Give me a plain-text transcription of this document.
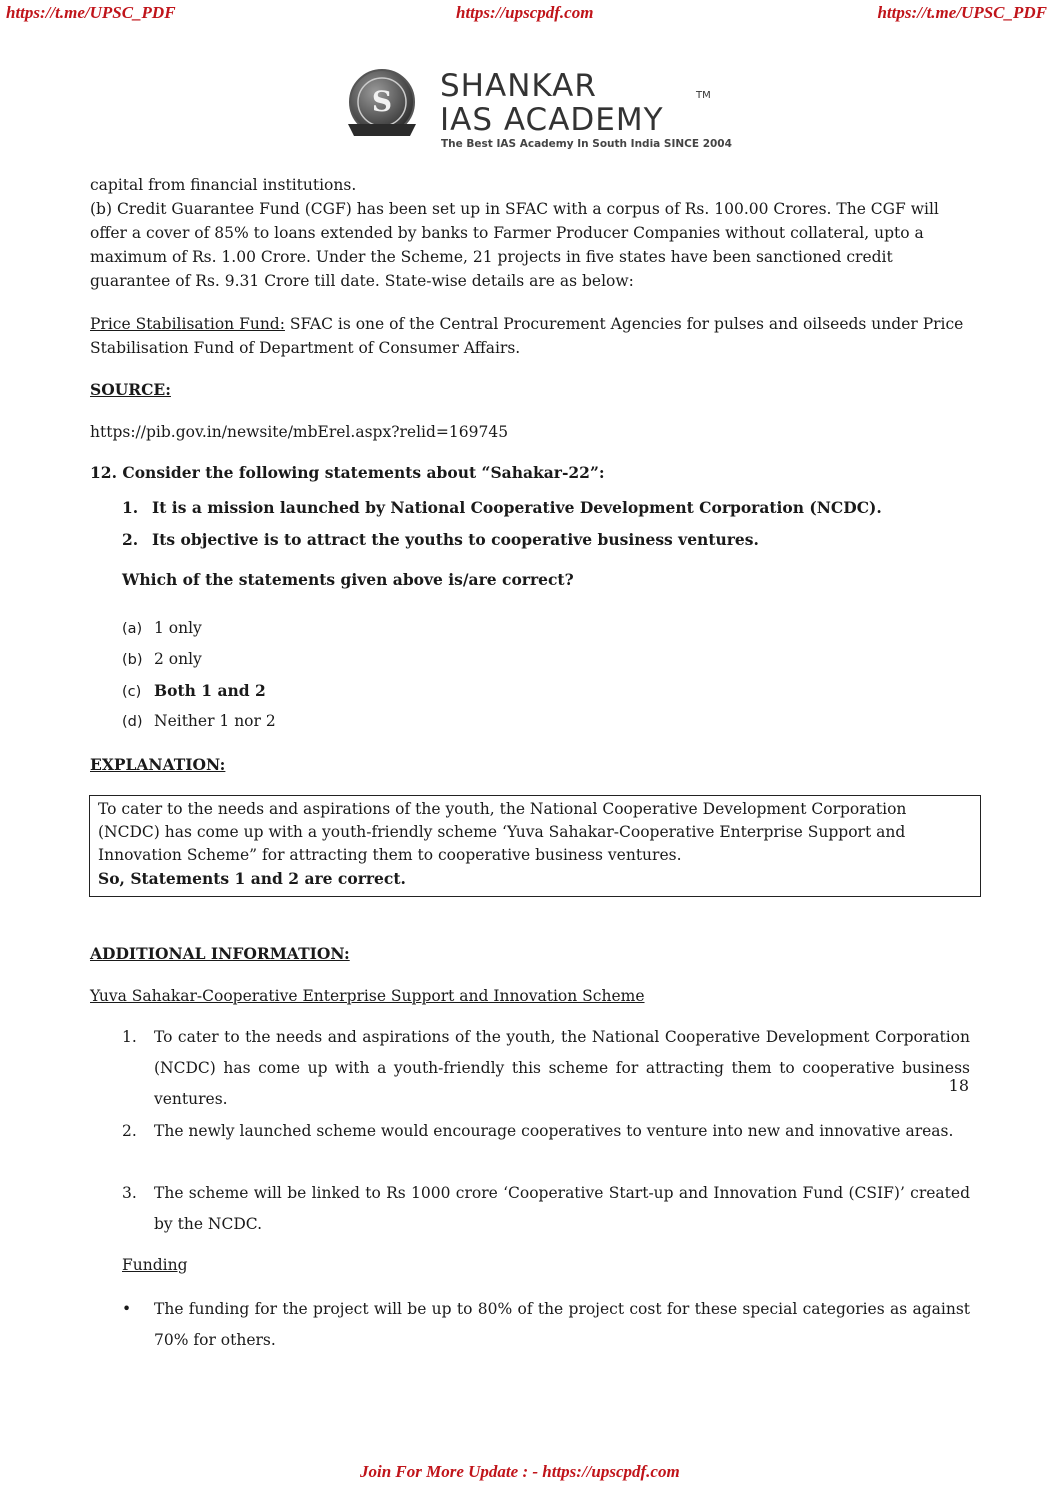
https://t.me/UPSC_PDF	https://upscpdf.com	https://t.me/UPSC_PDF
S SHANKAR
IAS ACADEMY
TM
The Best IAS Academy In South India SINCE 2004
capital from financial institutions.
(b) Credit Guarantee Fund (CGF) has been set up in SFAC with a corpus of Rs. 100.00 Crores. The CGF will offer a cover of 85% to loans extended by banks to Farmer Producer Companies without collateral, upto a maximum of Rs. 1.00 Crore. Under the Scheme, 21 projects in five states have been sanctioned credit guarantee of Rs. 9.31 Crore till date. State-wise details are as below:
Price Stabilisation Fund: SFAC is one of the Central Procurement Agencies for pulses and oilseeds under Price Stabilisation Fund of Department of Consumer Affairs.
SOURCE:
https://pib.gov.in/newsite/mbErel.aspx?relid=169745
12. Consider the following statements about “Sahakar-22”:
1. It is a mission launched by National Cooperative Development Corporation (NCDC).
2. Its objective is to attract the youths to cooperative business ventures.
Which of the statements given above is/are correct?
(a) 1 only
(b) 2 only
(c) Both 1 and 2
(d) Neither 1 nor 2
EXPLANATION:
To cater to the needs and aspirations of the youth, the National Cooperative Development Corporation (NCDC) has come up with a youth-friendly scheme ‘Yuva Sahakar-Cooperative Enterprise Support and Innovation Scheme” for attracting them to cooperative business ventures.
So, Statements 1 and 2 are correct.
ADDITIONAL INFORMATION:
Yuva Sahakar-Cooperative Enterprise Support and Innovation Scheme
1. To cater to the needs and aspirations of the youth, the National Cooperative Development Corporation (NCDC) has come up with a youth-friendly this scheme for attracting them to cooperative business ventures.
2. The newly launched scheme would encourage cooperatives to venture into new and innovative areas.
3. The scheme will be linked to Rs 1000 crore ‘Cooperative Start-up and Innovation Fund (CSIF)’ created by the NCDC.
Funding
• The funding for the project will be up to 80% of the project cost for these special categories as against 70% for others.
18
Join For More Update : - https://upscpdf.com
